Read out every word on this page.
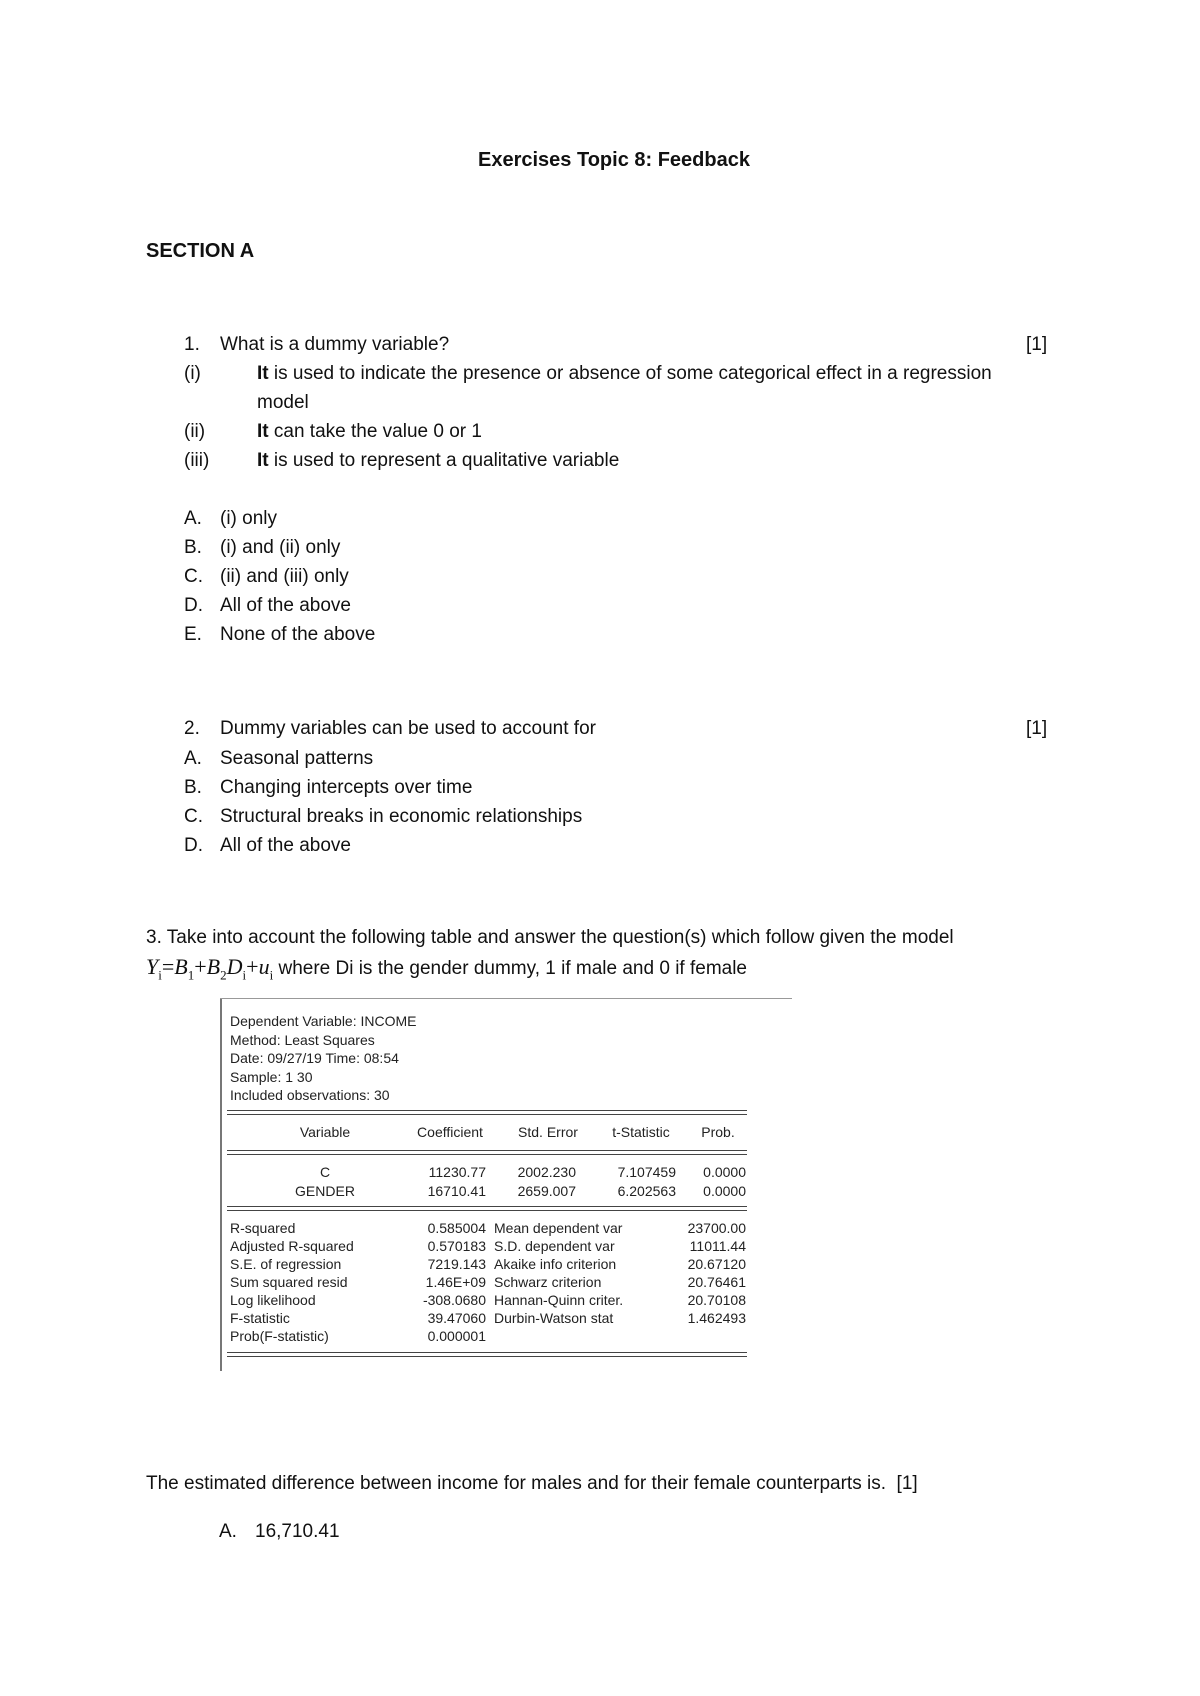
Exercises Topic 8: Feedback
SECTION A
1. What is a dummy variable?	[1]
(i)	It is used to indicate the presence or absence of some categorical effect in a regression
model
(ii)	It can take the value 0 or 1
(iii)	It is used to represent a qualitative variable
A. (i) only
B. (i) and (ii) only
C. (ii) and (iii) only
D. All of the above
E. None of the above
2. Dummy variables can be used to account for	[1]
A. Seasonal patterns
B. Changing intercepts over time
C. Structural breaks in economic relationships
D. All of the above
3. Take into account the following table and answer the question(s) which follow given the model
$Y_i=B_1+B_2D_i+u_i$ where Di is the gender dummy, 1 if male and 0 if female
Dependent Variable: INCOME
Method: Least Squares
Date: 09/27/19 Time: 08:54
Sample: 1 30
Included observations: 30
Variable	Coefficient	Std. Error	t-Statistic	Prob.
C	11230.77	2002.230	7.107459	0.0000
GENDER	16710.41	2659.007	6.202563	0.0000
R-squared	0.585004 Mean dependent var	23700.00
Adjusted R-squared	0.570183 S.D. dependent var	11011.44
S.E. of regression	7219.143 Akaike info criterion	20.67120
Sum squared resid	1.46E+09 Schwarz criterion	20.76461
Log likelihood	-308.0680 Hannan-Quinn criter.	20.70108
F-statistic	39.47060 Durbin-Watson stat	1.462493
Prob(F-statistic)	0.000001
The estimated difference between income for males and for their female counterparts is. [1]
A. 16,710.41
